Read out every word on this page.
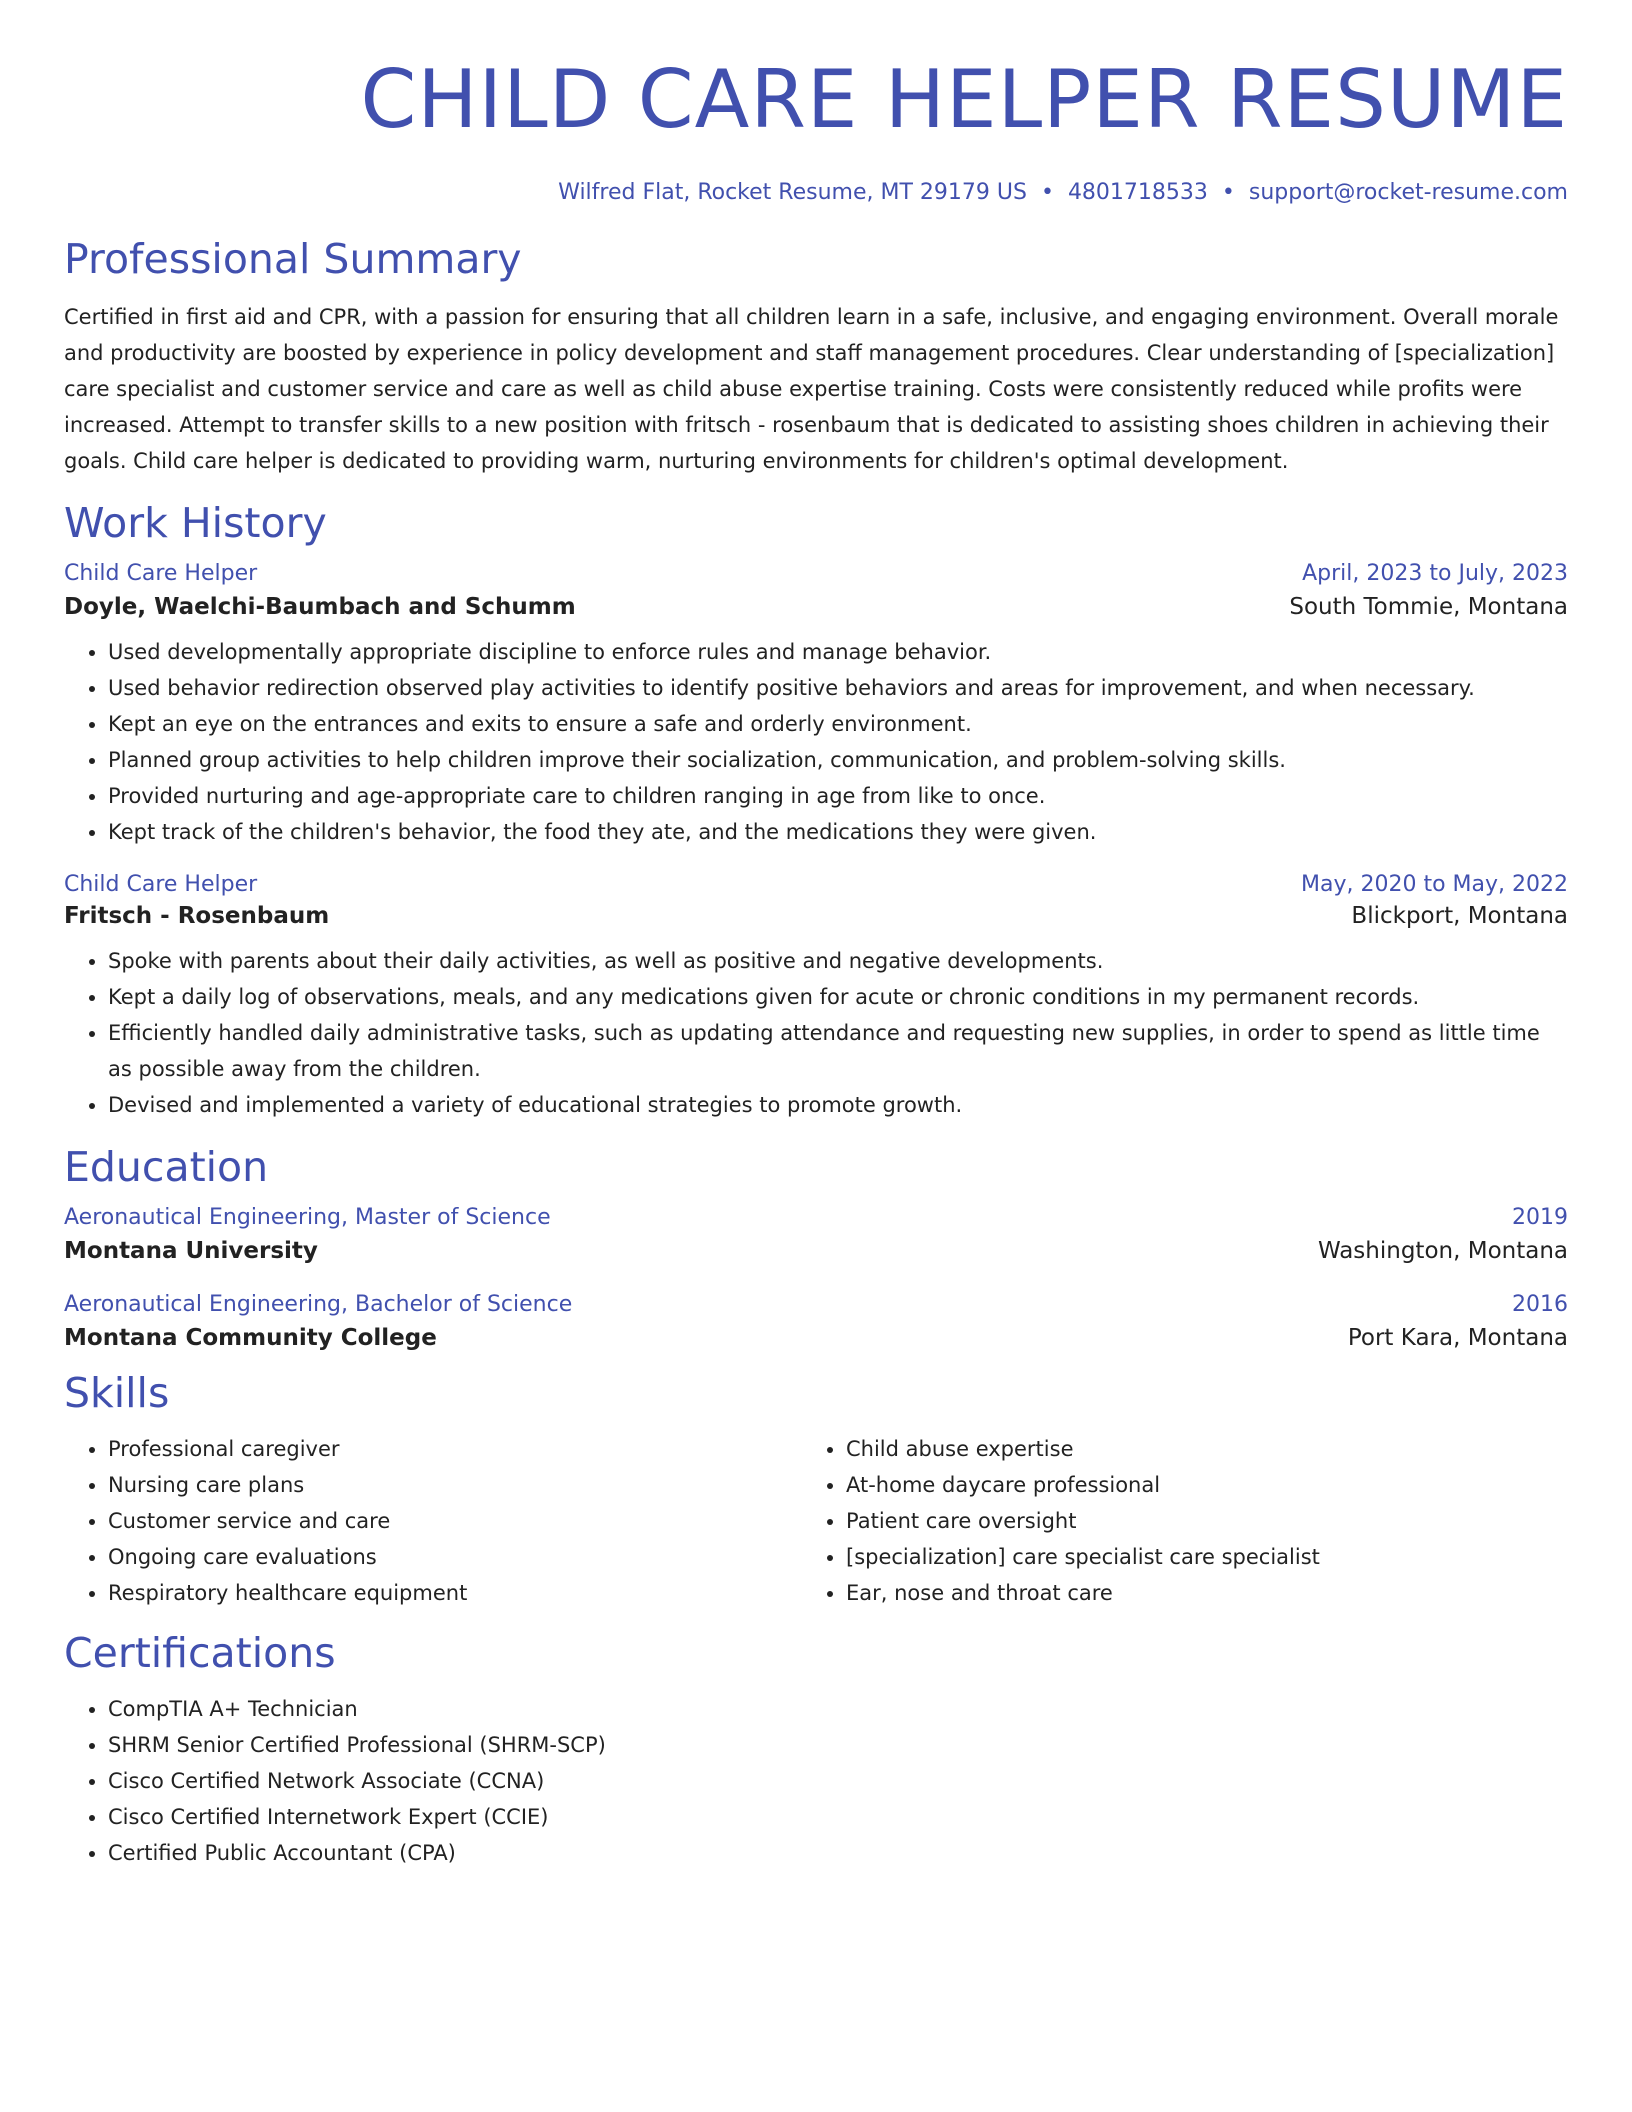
CHILD CARE HELPER RESUME
Wilfred Flat, Rocket Resume, MT 29179 US • 4801718533 • support@rocket-resume.com
Professional Summary
Certified in first aid and CPR, with a passion for ensuring that all children learn in a safe, inclusive, and engaging environment. Overall morale and productivity are boosted by experience in policy development and staff management procedures. Clear understanding of [specialization] care specialist and customer service and care as well as child abuse expertise training. Costs were consistently reduced while profits were increased. Attempt to transfer skills to a new position with fritsch - rosenbaum that is dedicated to assisting shoes children in achieving their goals. Child care helper is dedicated to providing warm, nurturing environments for children's optimal development.
Work History
Child Care Helper	April, 2023 to July, 2023
Doyle, Waelchi-Baumbach and Schumm	South Tommie, Montana
• Used developmentally appropriate discipline to enforce rules and manage behavior.
• Used behavior redirection observed play activities to identify positive behaviors and areas for improvement, and when necessary.
• Kept an eye on the entrances and exits to ensure a safe and orderly environment.
• Planned group activities to help children improve their socialization, communication, and problem-solving skills.
• Provided nurturing and age-appropriate care to children ranging in age from like to once.
• Kept track of the children's behavior, the food they ate, and the medications they were given.
Child Care Helper	May, 2020 to May, 2022
Fritsch - Rosenbaum	Blickport, Montana
• Spoke with parents about their daily activities, as well as positive and negative developments.
• Kept a daily log of observations, meals, and any medications given for acute or chronic conditions in my permanent records.
• Efficiently handled daily administrative tasks, such as updating attendance and requesting new supplies, in order to spend as little time as possible away from the children.
• Devised and implemented a variety of educational strategies to promote growth.
Education
Aeronautical Engineering, Master of Science	2019
Montana University	Washington, Montana
Aeronautical Engineering, Bachelor of Science	2016
Montana Community College	Port Kara, Montana
Skills
• Professional caregiver
• Nursing care plans
• Customer service and care
• Ongoing care evaluations
• Respiratory healthcare equipment
• Child abuse expertise
• At-home daycare professional
• Patient care oversight
• [specialization] care specialist care specialist
• Ear, nose and throat care
Certifications
• CompTIA A+ Technician
• SHRM Senior Certified Professional (SHRM-SCP)
• Cisco Certified Network Associate (CCNA)
• Cisco Certified Internetwork Expert (CCIE)
• Certified Public Accountant (CPA)
